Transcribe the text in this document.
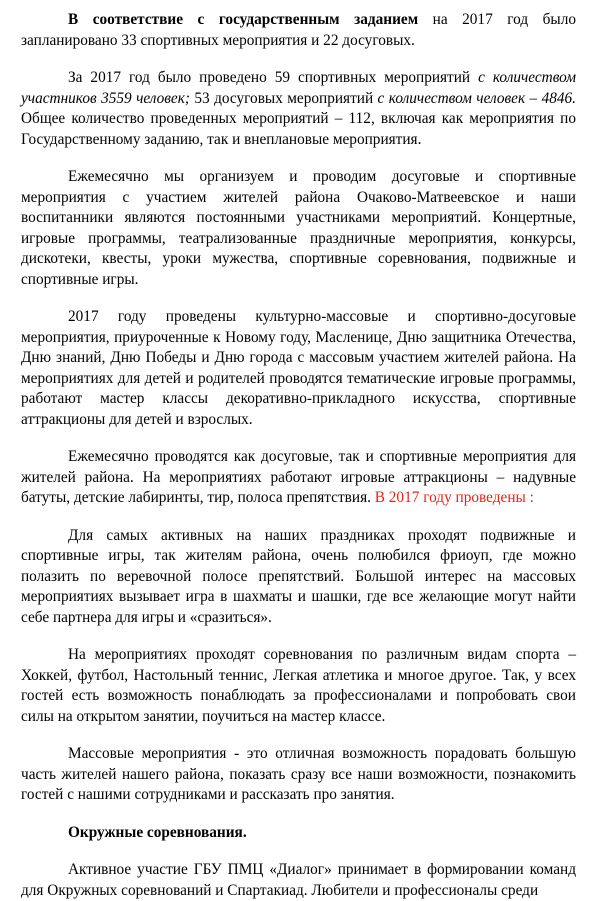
В соответствие с государственным заданием на 2017 год было запланировано 33 спортивных мероприятия и 22 досуговых.

За 2017 год было проведено 59 спортивных мероприятий с количеством участников 3559 человек; 53 досуговых мероприятий с количеством человек – 4846. Общее количество проведенных мероприятий – 112, включая как мероприятия по Государственному заданию, так и внеплановые мероприятия.

Ежемесячно мы организуем и проводим досуговые и спортивные мероприятия с участием жителей района Очаково-Матвеевское и наши воспитанники являются постоянными участниками мероприятий. Концертные, игровые программы, театрализованные праздничные мероприятия, конкурсы, дискотеки, квесты, уроки мужества, спортивные соревнования, подвижные и спортивные игры.

2017 году проведены культурно-массовые и спортивно-досуговые мероприятия, приуроченные к Новому году, Масленице, Дню защитника Отечества, Дню знаний, Дню Победы и Дню города с массовым участием жителей района. На мероприятиях для детей и родителей проводятся тематические игровые программы, работают мастер классы декоративно-прикладного искусства, спортивные аттракционы для детей и взрослых.

Ежемесячно проводятся как досуговые, так и спортивные мероприятия для жителей района. На мероприятиях работают игровые аттракционы – надувные батуты, детские лабиринты, тир, полоса препятствия. В 2017 году проведены :

Для самых активных на наших праздниках проходят подвижные и спортивные игры, так жителям района, очень полюбился фриоуп, где можно полазить по веревочной полосе препятствий. Большой интерес на массовых мероприятиях вызывает игра в шахматы и шашки, где все желающие могут найти себе партнера для игры и «сразиться».

На мероприятиях проходят соревнования по различным видам спорта – Хоккей, футбол, Настольный теннис, Легкая атлетика и многое другое. Так, у всех гостей есть возможность понаблюдать за профессионалами и попробовать свои силы на открытом занятии, поучиться на мастер классе.

Массовые мероприятия - это отличная возможность порадовать большую часть жителей нашего района, показать сразу все наши возможности, познакомить гостей с нашими сотрудниками и рассказать про занятия.

Окружные соревнования.

Активное участие ГБУ ПМЦ «Диалог» принимает в формировании команд для Окружных соревнований и Спартакиад. Любители и профессионалы среди
